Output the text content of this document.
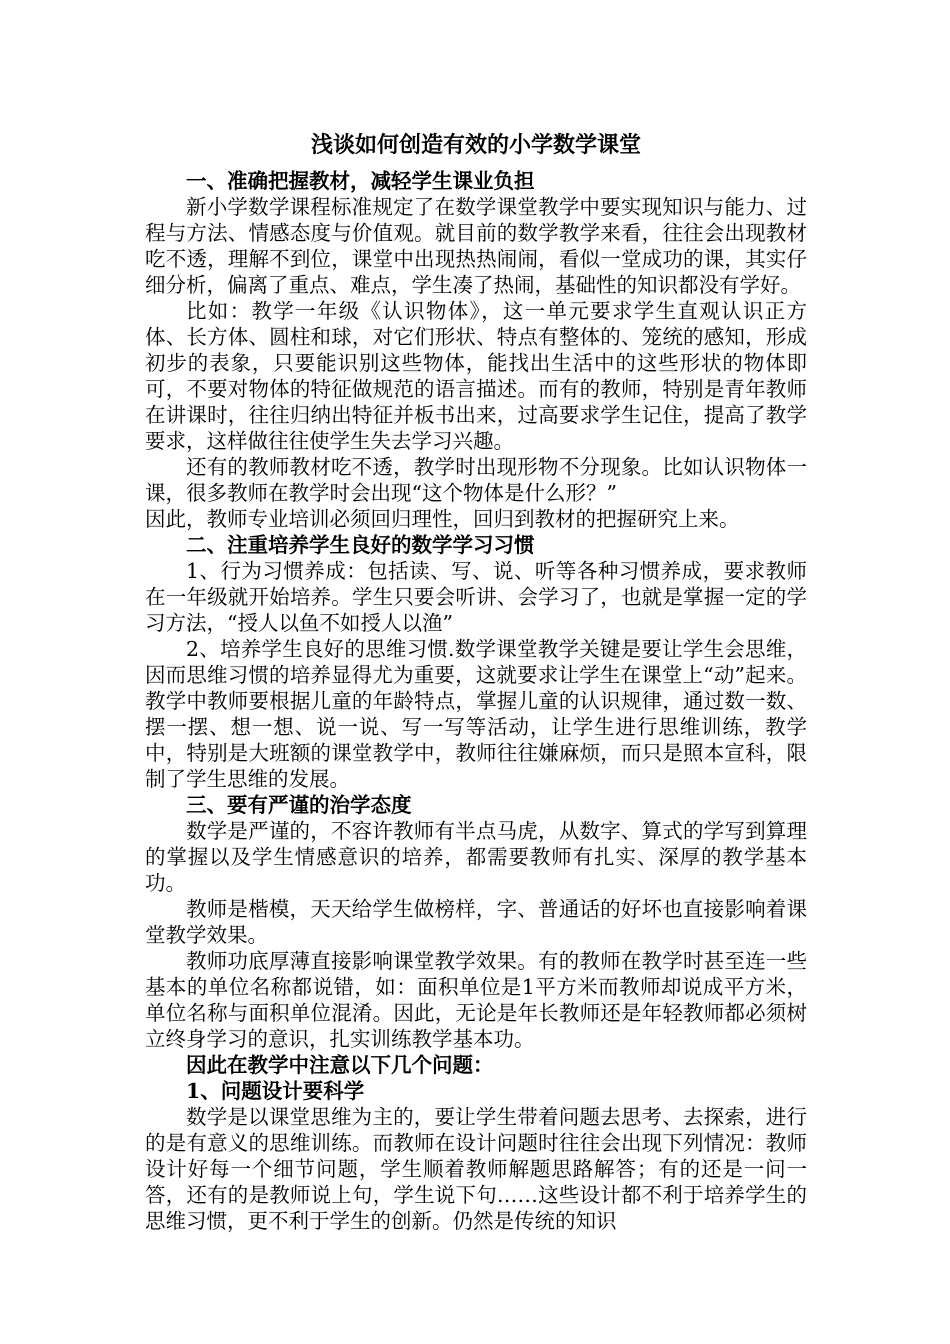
浅谈如何创造有效的小学数学课堂
一、准确把握教材，减轻学生课业负担
新小学数学课程标准规定了在数学课堂教学中要实现知识与能力、过程与方法、情感态度与价值观。就目前的数学教学来看，往往会出现教材吃不透，理解不到位，课堂中出现热热闹闹，看似一堂成功的课，其实仔细分析，偏离了重点、难点，学生凑了热闹，基础性的知识都没有学好。
比如：教学一年级《认识物体》，这一单元要求学生直观认识正方体、长方体、圆柱和球，对它们形状、特点有整体的、笼统的感知，形成初步的表象，只要能识别这些物体，能找出生活中的这些形状的物体即可，不要对物体的特征做规范的语言描述。而有的教师，特别是青年教师在讲课时，往往归纳出特征并板书出来，过高要求学生记住，提高了教学要求，这样做往往使学生失去学习兴趣。
还有的教师教材吃不透，教学时出现形物不分现象。比如认识物体一课，很多教师在教学时会出现“这个物体是什么形？”
因此，教师专业培训必须回归理性，回归到教材的把握研究上来。
二、注重培养学生良好的数学学习习惯
1、行为习惯养成：包括读、写、说、听等各种习惯养成，要求教师在一年级就开始培养。学生只要会听讲、会学习了，也就是掌握一定的学习方法，“授人以鱼不如授人以渔”
2、培养学生良好的思维习惯.数学课堂教学关键是要让学生会思维，因而思维习惯的培养显得尤为重要，这就要求让学生在课堂上“动”起来。教学中教师要根据儿童的年龄特点，掌握儿童的认识规律，通过数一数、摆一摆、想一想、说一说、写一写等活动，让学生进行思维训练，教学中，特别是大班额的课堂教学中，教师往往嫌麻烦，而只是照本宣科，限制了学生思维的发展。
三、要有严谨的治学态度
数学是严谨的，不容许教师有半点马虎，从数字、算式的学写到算理的掌握以及学生情感意识的培养，都需要教师有扎实、深厚的教学基本功。
教师是楷模，天天给学生做榜样，字、普通话的好坏也直接影响着课堂教学效果。
教师功底厚薄直接影响课堂教学效果。有的教师在教学时甚至连一些基本的单位名称都说错，如：面积单位是1平方米而教师却说成平方米，单位名称与面积单位混淆。因此，无论是年长教师还是年轻教师都必须树立终身学习的意识，扎实训练教学基本功。
因此在教学中注意以下几个问题：
1、问题设计要科学
数学是以课堂思维为主的，要让学生带着问题去思考、去探索，进行的是有意义的思维训练。而教师在设计问题时往往会出现下列情况：教师设计好每一个细节问题，学生顺着教师解题思路解答；有的还是一问一答，还有的是教师说上句，学生说下句……这些设计都不利于培养学生的思维习惯，更不利于学生的创新。仍然是传统的知识
